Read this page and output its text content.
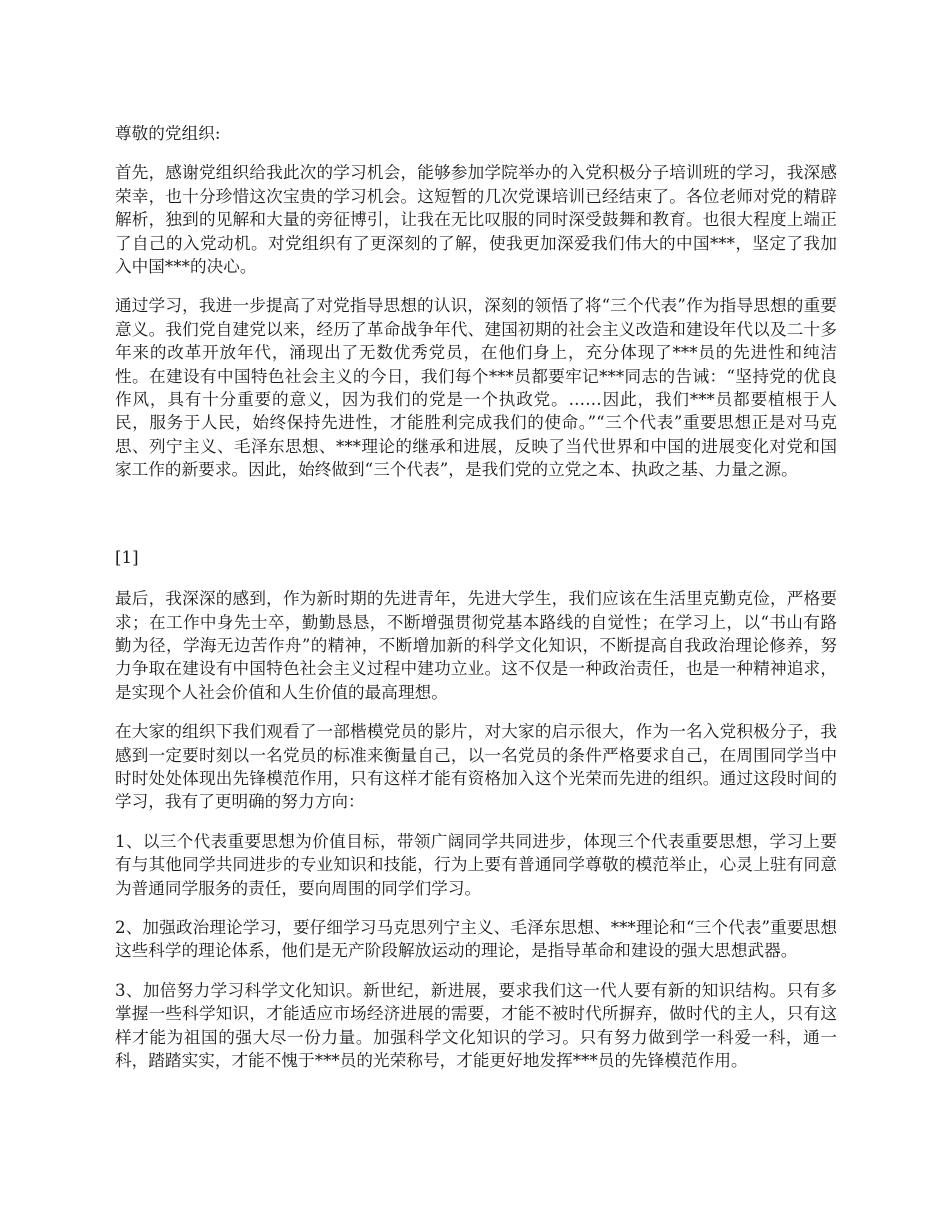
尊敬的党组织:

首先，感谢党组织给我此次的学习机会，能够参加学院举办的入党积极分子培训班的学习，我深感荣幸，也十分珍惜这次宝贵的学习机会。这短暂的几次党课培训已经结束了。各位老师对党的精辟解析，独到的见解和大量的旁征博引，让我在无比叹服的同时深受鼓舞和教育。也很大程度上端正了自己的入党动机。对党组织有了更深刻的了解，使我更加深爱我们伟大的中国***，坚定了我加入中国***的决心。

通过学习，我进一步提高了对党指导思想的认识，深刻的领悟了将“三个代表”作为指导思想的重要意义。我们党自建党以来，经历了革命战争年代、建国初期的社会主义改造和建设年代以及二十多年来的改革开放年代，涌现出了无数优秀党员，在他们身上，充分体现了***员的先进性和纯洁性。在建设有中国特色社会主义的今日，我们每个***员都要牢记***同志的告诫：“坚持党的优良作风，具有十分重要的意义，因为我们的党是一个执政党。……因此，我们***员都要植根于人民，服务于人民，始终保持先进性，才能胜利完成我们的使命。”“三个代表”重要思想正是对马克思、列宁主义、毛泽东思想、***理论的继承和进展，反映了当代世界和中国的进展变化对党和国家工作的新要求。因此，始终做到“三个代表”，是我们党的立党之本、执政之基、力量之源。

[1]

最后，我深深的感到，作为新时期的先进青年，先进大学生，我们应该在生活里克勤克俭，严格要求；在工作中身先士卒，勤勤恳恳，不断增强贯彻党基本路线的自觉性；在学习上，以“书山有路勤为径，学海无边苦作舟”的精神，不断增加新的科学文化知识，不断提高自我政治理论修养，努力争取在建设有中国特色社会主义过程中建功立业。这不仅是一种政治责任，也是一种精神追求，是实现个人社会价值和人生价值的最高理想。

在大家的组织下我们观看了一部楷模党员的影片，对大家的启示很大，作为一名入党积极分子，我感到一定要时刻以一名党员的标准来衡量自己，以一名党员的条件严格要求自己，在周围同学当中时时处处体现出先锋模范作用，只有这样才能有资格加入这个光荣而先进的组织。通过这段时间的学习，我有了更明确的努力方向：

1、以三个代表重要思想为价值目标，带领广阔同学共同进步，体现三个代表重要思想，学习上要有与其他同学共同进步的专业知识和技能，行为上要有普通同学尊敬的模范举止，心灵上驻有同意为普通同学服务的责任，要向周围的同学们学习。

2、加强政治理论学习，要仔细学习马克思列宁主义、毛泽东思想、***理论和“三个代表”重要思想这些科学的理论体系，他们是无产阶段解放运动的理论，是指导革命和建设的强大思想武器。

3、加倍努力学习科学文化知识。新世纪，新进展，要求我们这一代人要有新的知识结构。只有多掌握一些科学知识，才能适应市场经济进展的需要，才能不被时代所摒弃，做时代的主人，只有这样才能为祖国的强大尽一份力量。加强科学文化知识的学习。只有努力做到学一科爱一科，通一科，踏踏实实，才能不愧于***员的光荣称号，才能更好地发挥***员的先锋模范作用。
